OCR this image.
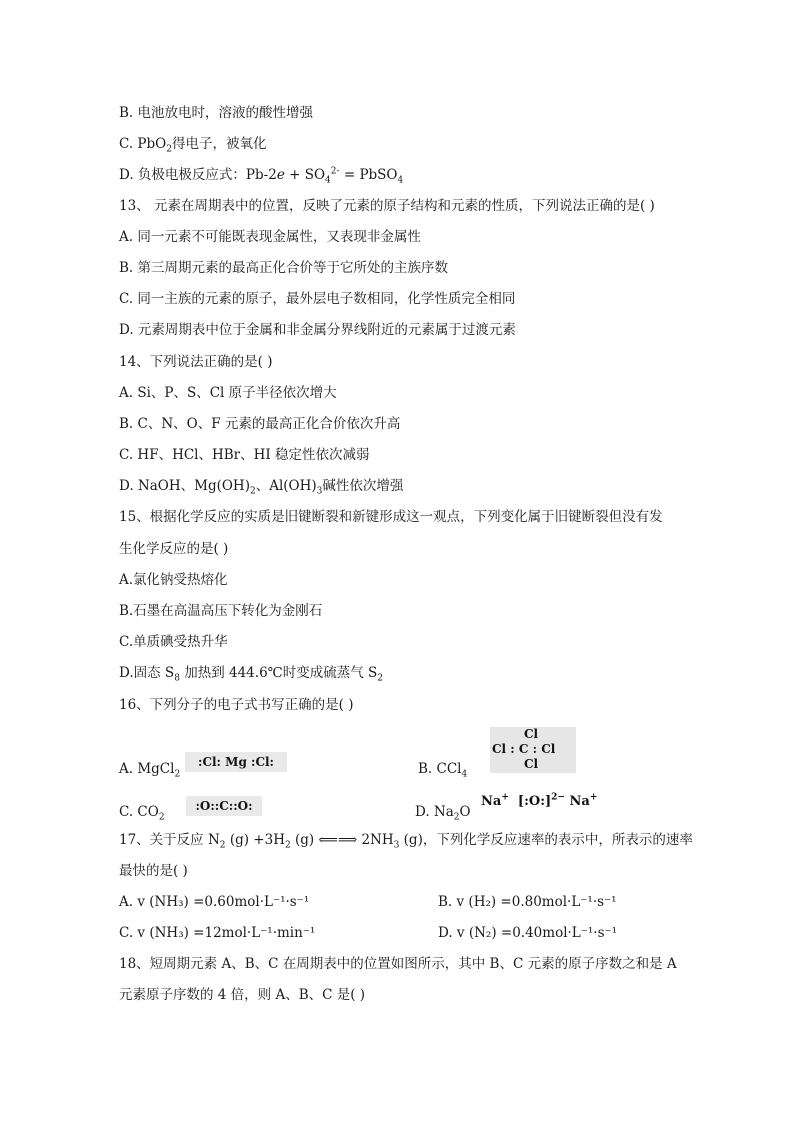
B. 电池放电时，溶液的酸性增强
C. PbO$_2$得电子，被氧化
D. 负极电极反应式：$Pb-2e + SO_4^{2-}$ = PbSO$_4$
13、 元素在周期表中的位置，反映了元素的原子结构和元素的性质，下列说法正确的是( )
A. 同一元素不可能既表现金属性，又表现非金属性
B. 第三周期元素的最高正化合价等于它所处的主族序数
C. 同一主族的元素的原子，最外层电子数相同，化学性质完全相同
D. 元素周期表中位于金属和非金属分界线附近的元素属于过渡元素
14、下列说法正确的是( )
A. Si、P、S、Cl 原子半径依次增大
B. C、N、O、F 元素的最高正化合价依次升高
C. HF、HCl、HBr、HI 稳定性依次减弱
D. NaOH、$Mg(OH)_2$、$Al(OH)_3$碱性依次增强
15、根据化学反应的实质是旧键断裂和新键形成这一观点，下列变化属于旧键断裂但没有发
生化学反应的是( )
A.氯化钠受热熔化
B.石墨在高温高压下转化为金刚石
C.单质碘受热升华
D.固态 $S_8$ 加热到 444.6℃时变成硫蒸气 $S_2$
16、下列分子的电子式书写正确的是( )
A. MgCl$_2$
:Cl: Mg :Cl:	B. CCl$_4$
Cl
Cl : C : Cl
Cl
C. $CO_2$
:O::C::O:	D. $Na_2O$
Na+ [:O:]$^{2-}$ Na+
17、关于反应 $N_2$ $(g) +3H_2$ (g) ⟸⟹ $2NH_3$ (g)，下列化学反应速率的表示中，所表示的速率
最快的是( )
A. v (NH₃) =0.60mol·L⁻¹·s⁻¹	B. v (H₂) =0.80mol·L⁻¹·s⁻¹
C. v (NH₃) =12mol·L⁻¹·min⁻¹	D. v (N₂) =0.40mol·L⁻¹·s⁻¹
18、短周期元素 A、B、C 在周期表中的位置如图所示，其中 B、C 元素的原子序数之和是 A
元素原子序数的 4 倍，则 A、B、C 是( )
